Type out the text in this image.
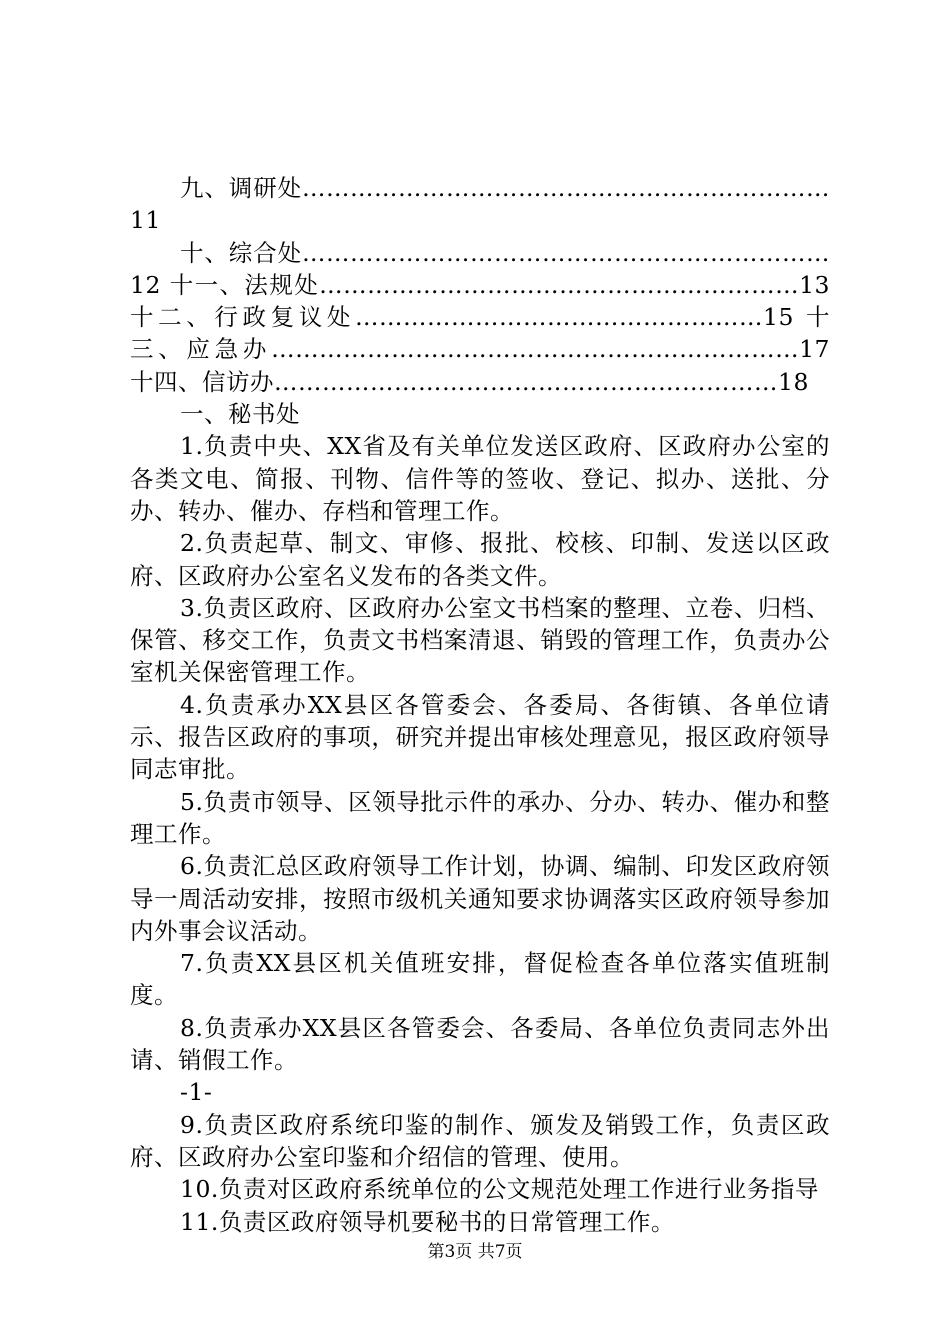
九、调研处…………………………………………………………11

十、综合处…………………………………………………………12 十一、法规处……………………………………………………13 十二、行政复议处……………………………………………15 十三、应急办…………………………………………………………17 十四、信访办………………………………………………………18

一、秘书处

1.负责中央、XX省及有关单位发送区政府、区政府办公室的各类文电、简报、刊物、信件等的签收、登记、拟办、送批、分办、转办、催办、存档和管理工作。

2.负责起草、制文、审修、报批、校核、印制、发送以区政府、区政府办公室名义发布的各类文件。

3.负责区政府、区政府办公室文书档案的整理、立卷、归档、保管、移交工作，负责文书档案清退、销毁的管理工作，负责办公室机关保密管理工作。

4.负责承办XX县区各管委会、各委局、各街镇、各单位请示、报告区政府的事项，研究并提出审核处理意见，报区政府领导同志审批。

5.负责市领导、区领导批示件的承办、分办、转办、催办和整理工作。

6.负责汇总区政府领导工作计划，协调、编制、印发区政府领导一周活动安排，按照市级机关通知要求协调落实区政府领导参加内外事会议活动。

7.负责XX县区机关值班安排，督促检查各单位落实值班制度。

8.负责承办XX县区各管委会、各委局、各单位负责同志外出请、销假工作。

-1-

9.负责区政府系统印鉴的制作、颁发及销毁工作，负责区政府、区政府办公室印鉴和介绍信的管理、使用。

10.负责对区政府系统单位的公文规范处理工作进行业务指导

11.负责区政府领导机要秘书的日常管理工作。

第3页 共7页
